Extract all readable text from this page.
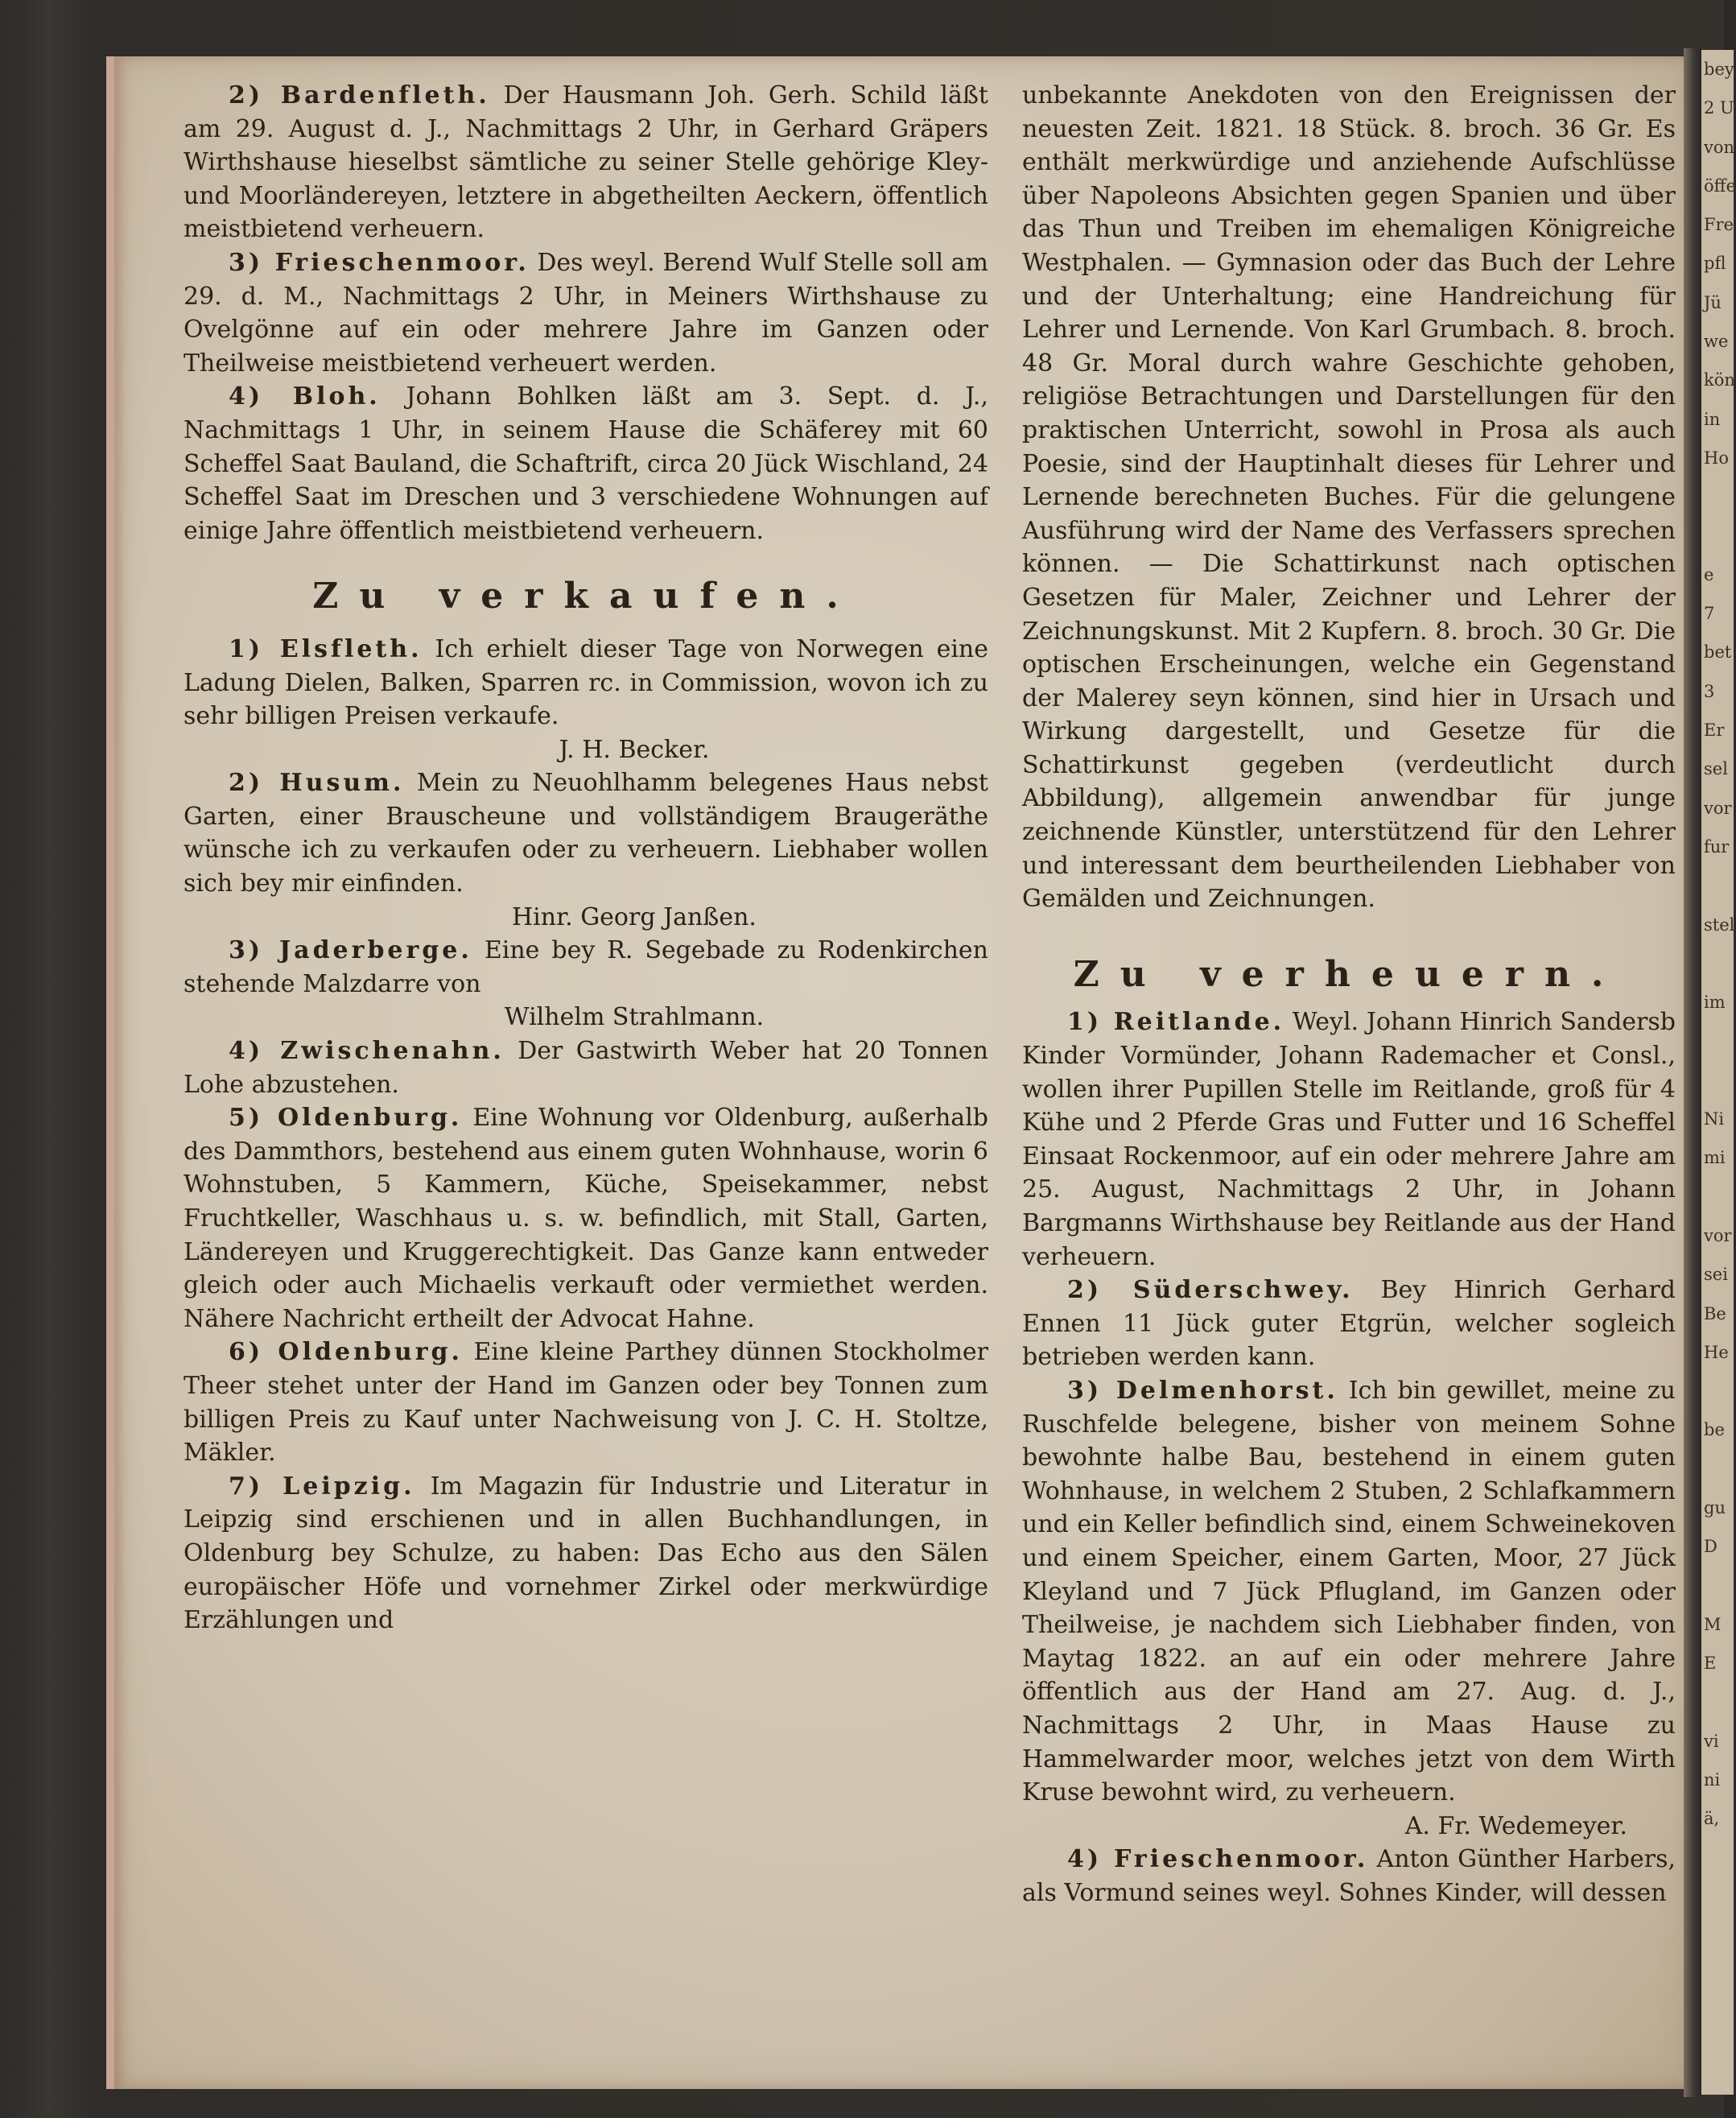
bey
2 U
von
öffe
Fre
pfl
Jü
we
kön
in
Ho
e
7
bet
3
Er
sel
vor
fur
stel
im
Ni
mi
vor
sei
Be
He
be
gu
D
M
E
vi
ni
ä,
2) Bardenfleth. Der Hausmann Joh. Gerh. Schild läßt am 29. August d. J., Nachmittags 2 Uhr, in Gerhard Gräpers Wirthshause hieselbst sämtliche zu seiner Stelle gehörige Kley- und Moorländereyen, letztere in abgetheilten Aeckern, öffentlich meistbietend verheuern.
3) Frieschenmoor. Des weyl. Berend Wulf Stelle soll am 29. d. M., Nachmittags 2 Uhr, in Meiners Wirthshause zu Ovelgönne auf ein oder mehrere Jahre im Ganzen oder Theilweise meistbietend verheuert werden.
4) Bloh. Johann Bohlken läßt am 3. Sept. d. J., Nachmittags 1 Uhr, in seinem Hause die Schäferey mit 60 Scheffel Saat Bauland, die Schaftrift, circa 20 Jück Wischland, 24 Scheffel Saat im Dreschen und 3 verschiedene Wohnungen auf einige Jahre öffentlich meistbietend verheuern.
Zu verkaufen.
1) Elsfleth. Ich erhielt dieser Tage von Norwegen eine Ladung Dielen, Balken, Sparren rc. in Commission, wovon ich zu sehr billigen Preisen verkaufe.
J. H. Becker.
2) Husum. Mein zu Neuohlhamm belegenes Haus nebst Garten, einer Brauscheune und vollständigem Braugeräthe wünsche ich zu verkaufen oder zu verheuern. Liebhaber wollen sich bey mir einfinden.
Hinr. Georg Janßen.
3) Jaderberge. Eine bey R. Segebade zu Rodenkirchen stehende Malzdarre von
Wilhelm Strahlmann.
4) Zwischenahn. Der Gastwirth Weber hat 20 Tonnen Lohe abzustehen.
5) Oldenburg. Eine Wohnung vor Oldenburg, außerhalb des Dammthors, bestehend aus einem guten Wohnhause, worin 6 Wohnstuben, 5 Kammern, Küche, Speisekammer, nebst Fruchtkeller, Waschhaus u. s. w. befindlich, mit Stall, Garten, Ländereyen und Kruggerechtigkeit. Das Ganze kann entweder gleich oder auch Michaelis verkauft oder vermiethet werden. Nähere Nachricht ertheilt der Advocat Hahne.
6) Oldenburg. Eine kleine Parthey dünnen Stockholmer Theer stehet unter der Hand im Ganzen oder bey Tonnen zum billigen Preis zu Kauf unter Nachweisung von J. C. H. Stoltze, Mäkler.
7) Leipzig. Im Magazin für Industrie und Literatur in Leipzig sind erschienen und in allen Buchhandlungen, in Oldenburg bey Schulze, zu haben: Das Echo aus den Sälen europäischer Höfe und vornehmer Zirkel oder merkwürdige Erzählungen und
unbekannte Anekdoten von den Ereignissen der neuesten Zeit. 1821. 18 Stück. 8. broch. 36 Gr. Es enthält merkwürdige und anziehende Aufschlüsse über Napoleons Absichten gegen Spanien und über das Thun und Treiben im ehemaligen Königreiche Westphalen. — Gymnasion oder das Buch der Lehre und der Unterhaltung; eine Handreichung für Lehrer und Lernende. Von Karl Grumbach. 8. broch. 48 Gr. Moral durch wahre Geschichte gehoben, religiöse Betrachtungen und Darstellungen für den praktischen Unterricht, sowohl in Prosa als auch Poesie, sind der Hauptinhalt dieses für Lehrer und Lernende berechneten Buches. Für die gelungene Ausführung wird der Name des Verfassers sprechen können. — Die Schattirkunst nach optischen Gesetzen für Maler, Zeichner und Lehrer der Zeichnungskunst. Mit 2 Kupfern. 8. broch. 30 Gr. Die optischen Erscheinungen, welche ein Gegenstand der Malerey seyn können, sind hier in Ursach und Wirkung dargestellt, und Gesetze für die Schattirkunst gegeben (verdeutlicht durch Abbildung), allgemein anwendbar für junge zeichnende Künstler, unterstützend für den Lehrer und interessant dem beurtheilenden Liebhaber von Gemälden und Zeichnungen.
Zu verheuern.
1) Reitlande. Weyl. Johann Hinrich Sandersb Kinder Vormünder, Johann Rademacher et Consl., wollen ihrer Pupillen Stelle im Reitlande, groß für 4 Kühe und 2 Pferde Gras und Futter und 16 Scheffel Einsaat Rockenmoor, auf ein oder mehrere Jahre am 25. August, Nachmittags 2 Uhr, in Johann Bargmanns Wirthshause bey Reitlande aus der Hand verheuern.
2) Süderschwey. Bey Hinrich Gerhard Ennen 11 Jück guter Etgrün, welcher sogleich betrieben werden kann.
3) Delmenhorst. Ich bin gewillet, meine zu Ruschfelde belegene, bisher von meinem Sohne bewohnte halbe Bau, bestehend in einem guten Wohnhause, in welchem 2 Stuben, 2 Schlafkammern und ein Keller befindlich sind, einem Schweinekoven und einem Speicher, einem Garten, Moor, 27 Jück Kleyland und 7 Jück Pflugland, im Ganzen oder Theilweise, je nachdem sich Liebhaber finden, von Maytag 1822. an auf ein oder mehrere Jahre öffentlich aus der Hand am 27. Aug. d. J., Nachmittags 2 Uhr, in Maas Hause zu Hammelwarder moor, welches jetzt von dem Wirth Kruse bewohnt wird, zu verheuern.
A. Fr. Wedemeyer.
4) Frieschenmoor. Anton Günther Harbers, als Vormund seines weyl. Sohnes Kinder, will dessen
